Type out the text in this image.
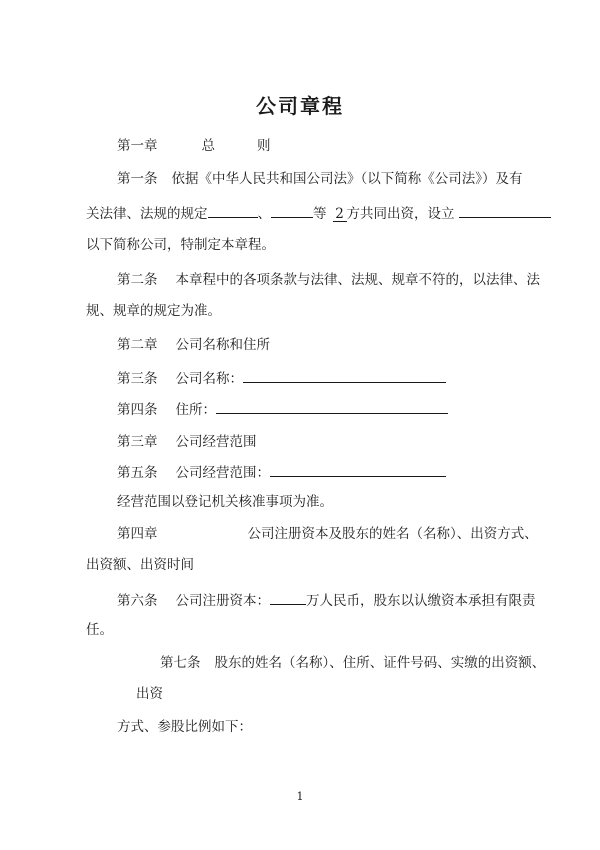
公司章程
第一章	总	则
第一条 依据《中华人民共和国公司法》（以下简称《公司法》）及有
关法律、法规的规定	、	等 2 方共同出资，设立
以下简称公司，特制定本章程。
第二条 本章程中的各项条款与法律、法规、规章不符的，以法律、法
规、规章的规定为准。
第二章 公司名称和住所
第三条 公司名称：
第四条 住所：
第三章 公司经营范围
第五条 公司经营范围：
经营范围以登记机关核准事项为准。
第四章	公司注册资本及股东的姓名（名称）、出资方式、
出资额、出资时间
第六条 公司注册资本：	万人民币，股东以认缴资本承担有限责
任。
第七条 股东的姓名（名称）、住所、证件号码、实缴的出资额、
出资
方式、参股比例如下：
1
